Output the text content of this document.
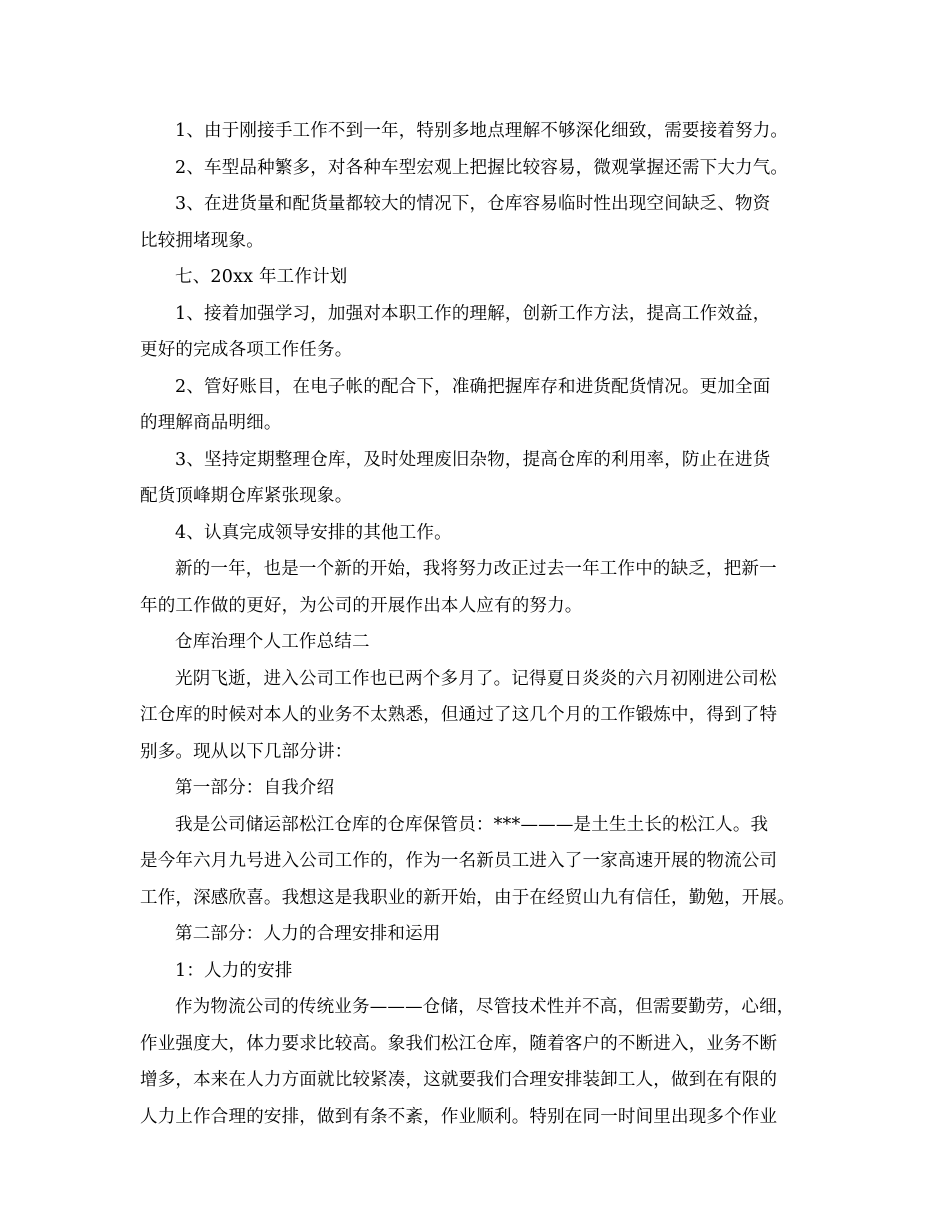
1、由于刚接手工作不到一年，特别多地点理解不够深化细致，需要接着努力。
2、车型品种繁多，对各种车型宏观上把握比较容易，微观掌握还需下大力气。
3、在进货量和配货量都较大的情况下，仓库容易临时性出现空间缺乏、物资
比较拥堵现象。
七、20xx 年工作计划
1、接着加强学习，加强对本职工作的理解，创新工作方法，提高工作效益，
更好的完成各项工作任务。
2、管好账目，在电子帐的配合下，准确把握库存和进货配货情况。更加全面
的理解商品明细。
3、坚持定期整理仓库，及时处理废旧杂物，提高仓库的利用率，防止在进货
配货顶峰期仓库紧张现象。
4、认真完成领导安排的其他工作。
新的一年，也是一个新的开始，我将努力改正过去一年工作中的缺乏，把新一
年的工作做的更好，为公司的开展作出本人应有的努力。
仓库治理个人工作总结二
光阴飞逝，进入公司工作也已两个多月了。记得夏日炎炎的六月初刚进公司松
江仓库的时候对本人的业务不太熟悉，但通过了这几个月的工作锻炼中，得到了特
别多。现从以下几部分讲：
第一部分：自我介绍
我是公司储运部松江仓库的仓库保管员：***———是土生土长的松江人。我
是今年六月九号进入公司工作的，作为一名新员工进入了一家高速开展的物流公司
工作，深感欣喜。我想这是我职业的新开始，由于在经贸山九有信任，勤勉，开展。
第二部分：人力的合理安排和运用
1：人力的安排
作为物流公司的传统业务———仓储，尽管技术性并不高，但需要勤劳，心细，
作业强度大，体力要求比较高。象我们松江仓库，随着客户的不断进入，业务不断
增多，本来在人力方面就比较紧凑，这就要我们合理安排装卸工人，做到在有限的
人力上作合理的安排，做到有条不紊，作业顺利。特别在同一时间里出现多个作业
